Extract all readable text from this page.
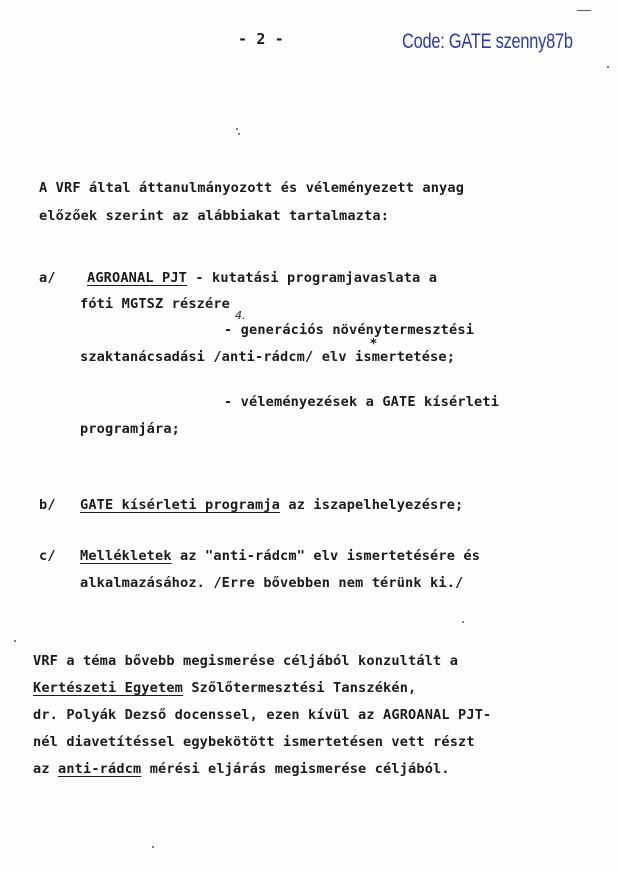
- 2 -	Code: GATE szenny87b
A VRF által áttanulmányozott és véleményezett anyag
előzőek szerint az alábbiakat tartalmazta:
a/ AGROANAL PJT - kutatási programjavaslata a
fóti MGTSZ részére
4.
- generációs növénytermesztési
*
szaktanácsadási /anti-rádcm/ elv ismertetése;
- véleményezések a GATE kísérleti
programjára;
b/ GATE kísérleti programja az iszapelhelyezésre;
c/ Mellékletek az "anti-rádcm" elv ismertetésére és
alkalmazásához. /Erre bővebben nem térünk ki./
VRF a téma bővebb megismerése céljából konzultált a
Kertészeti Egyetem Szőlőtermesztési Tanszékén,
dr. Polyák Dezső docenssel, ezen kívül az AGROANAL PJT-
nél diavetítéssel egybekötött ismertetésen vett részt
az anti-rádcm mérési eljárás megismerése céljából.
